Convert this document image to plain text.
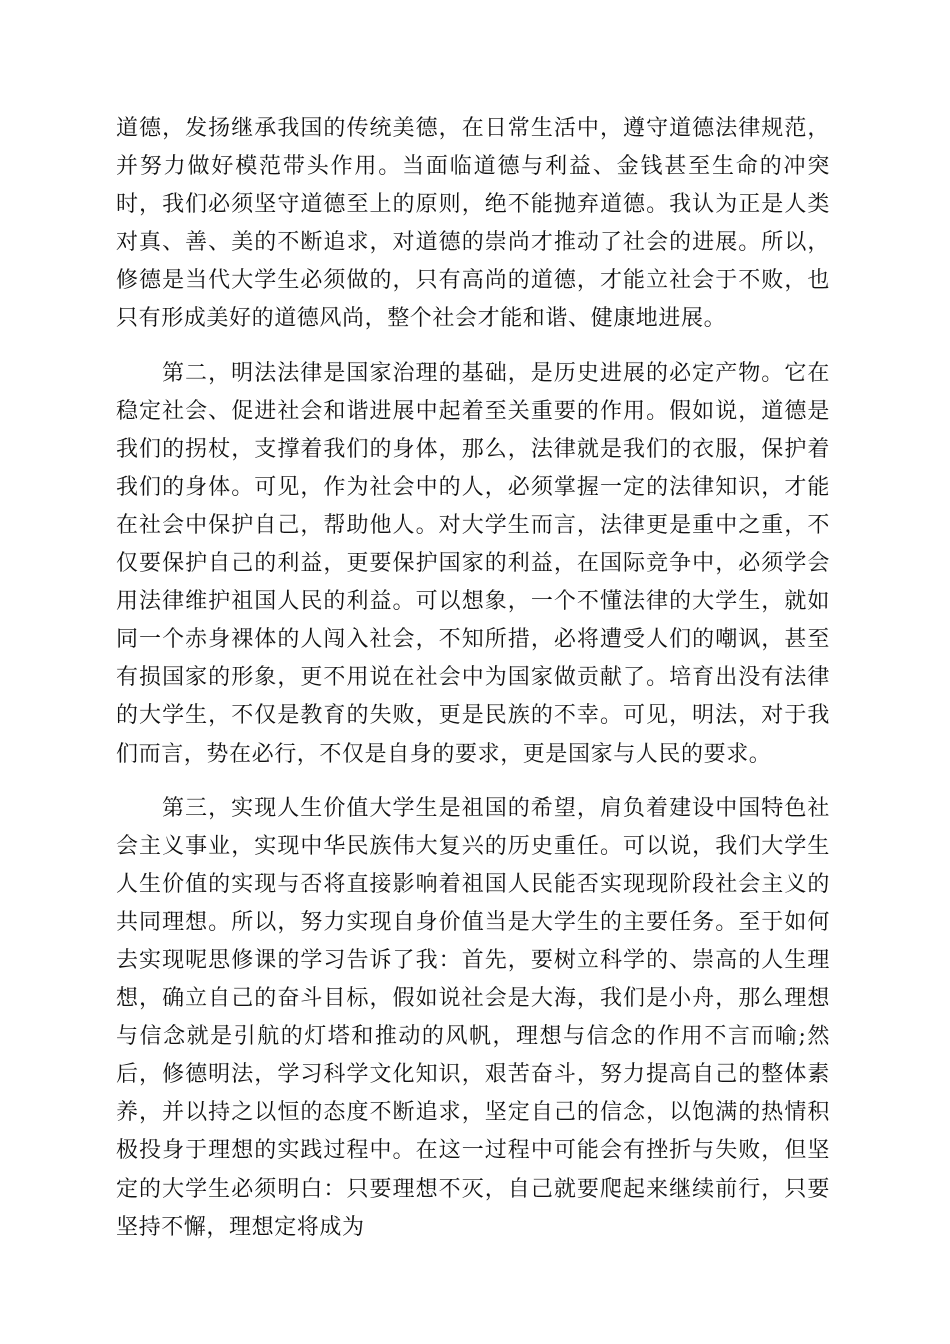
道德，发扬继承我国的传统美德，在日常生活中，遵守道德法律规范，并努力做好模范带头作用。当面临道德与利益、金钱甚至生命的冲突时，我们必须坚守道德至上的原则，绝不能抛弃道德。我认为正是人类对真、善、美的不断追求，对道德的崇尚才推动了社会的进展。所以，修德是当代大学生必须做的，只有高尚的道德，才能立社会于不败，也只有形成美好的道德风尚，整个社会才能和谐、健康地进展。

第二，明法法律是国家治理的基础，是历史进展的必定产物。它在稳定社会、促进社会和谐进展中起着至关重要的作用。假如说，道德是我们的拐杖，支撑着我们的身体，那么，法律就是我们的衣服，保护着我们的身体。可见，作为社会中的人，必须掌握一定的法律知识，才能在社会中保护自己，帮助他人。对大学生而言，法律更是重中之重，不仅要保护自己的利益，更要保护国家的利益，在国际竞争中，必须学会用法律维护祖国人民的利益。可以想象，一个不懂法律的大学生，就如同一个赤身裸体的人闯入社会，不知所措，必将遭受人们的嘲讽，甚至有损国家的形象，更不用说在社会中为国家做贡献了。培育出没有法律的大学生，不仅是教育的失败，更是民族的不幸。可见，明法，对于我们而言，势在必行，不仅是自身的要求，更是国家与人民的要求。

第三，实现人生价值大学生是祖国的希望，肩负着建设中国特色社会主义事业，实现中华民族伟大复兴的历史重任。可以说，我们大学生人生价值的实现与否将直接影响着祖国人民能否实现现阶段社会主义的共同理想。所以，努力实现自身价值当是大学生的主要任务。至于如何去实现呢思修课的学习告诉了我：首先，要树立科学的、崇高的人生理想，确立自己的奋斗目标，假如说社会是大海，我们是小舟，那么理想与信念就是引航的灯塔和推动的风帆，理想与信念的作用不言而喻;然后，修德明法，学习科学文化知识，艰苦奋斗，努力提高自己的整体素养，并以持之以恒的态度不断追求，坚定自己的信念，以饱满的热情积极投身于理想的实践过程中。在这一过程中可能会有挫折与失败，但坚定的大学生必须明白：只要理想不灭，自己就要爬起来继续前行，只要坚持不懈，理想定将成为
